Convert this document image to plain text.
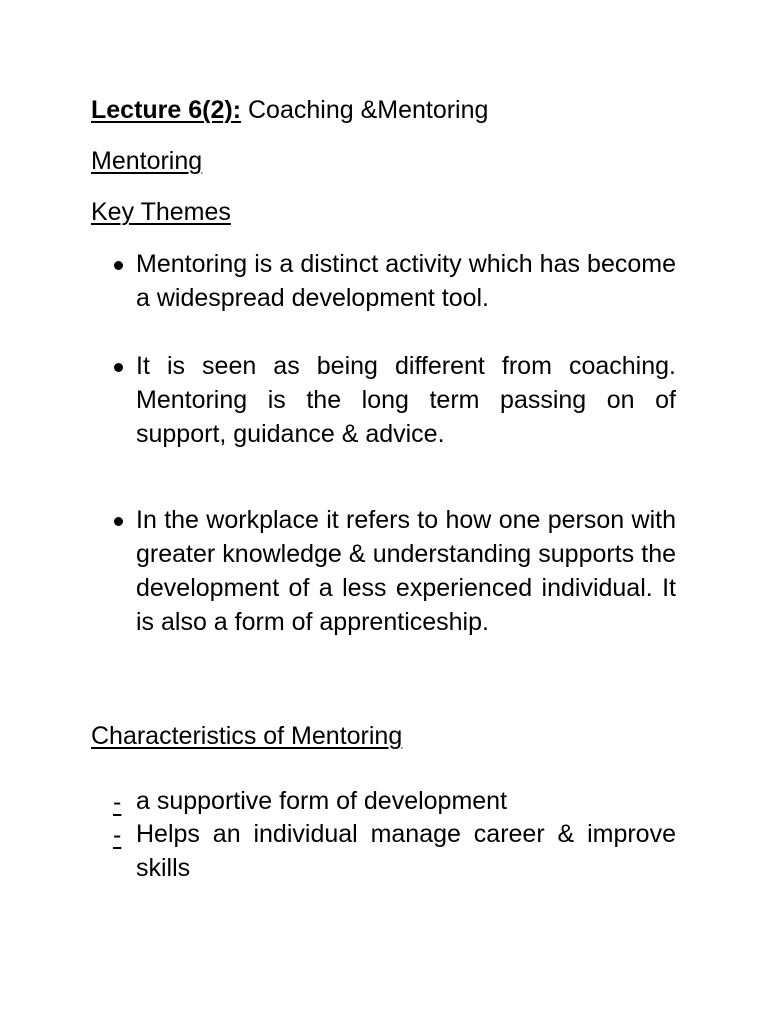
Lecture 6(2): Coaching &Mentoring
Mentoring
Key Themes
Mentoring is a distinct activity which has become a widespread development tool.
It is seen as being different from coaching. Mentoring is the long term passing on of support, guidance & advice.
In the workplace it refers to how one person with greater knowledge & understanding supports the development of a less experienced individual. It is also a form of apprenticeship.
Characteristics of Mentoring
- a supportive form of development
- Helps an individual manage career & improve skills
